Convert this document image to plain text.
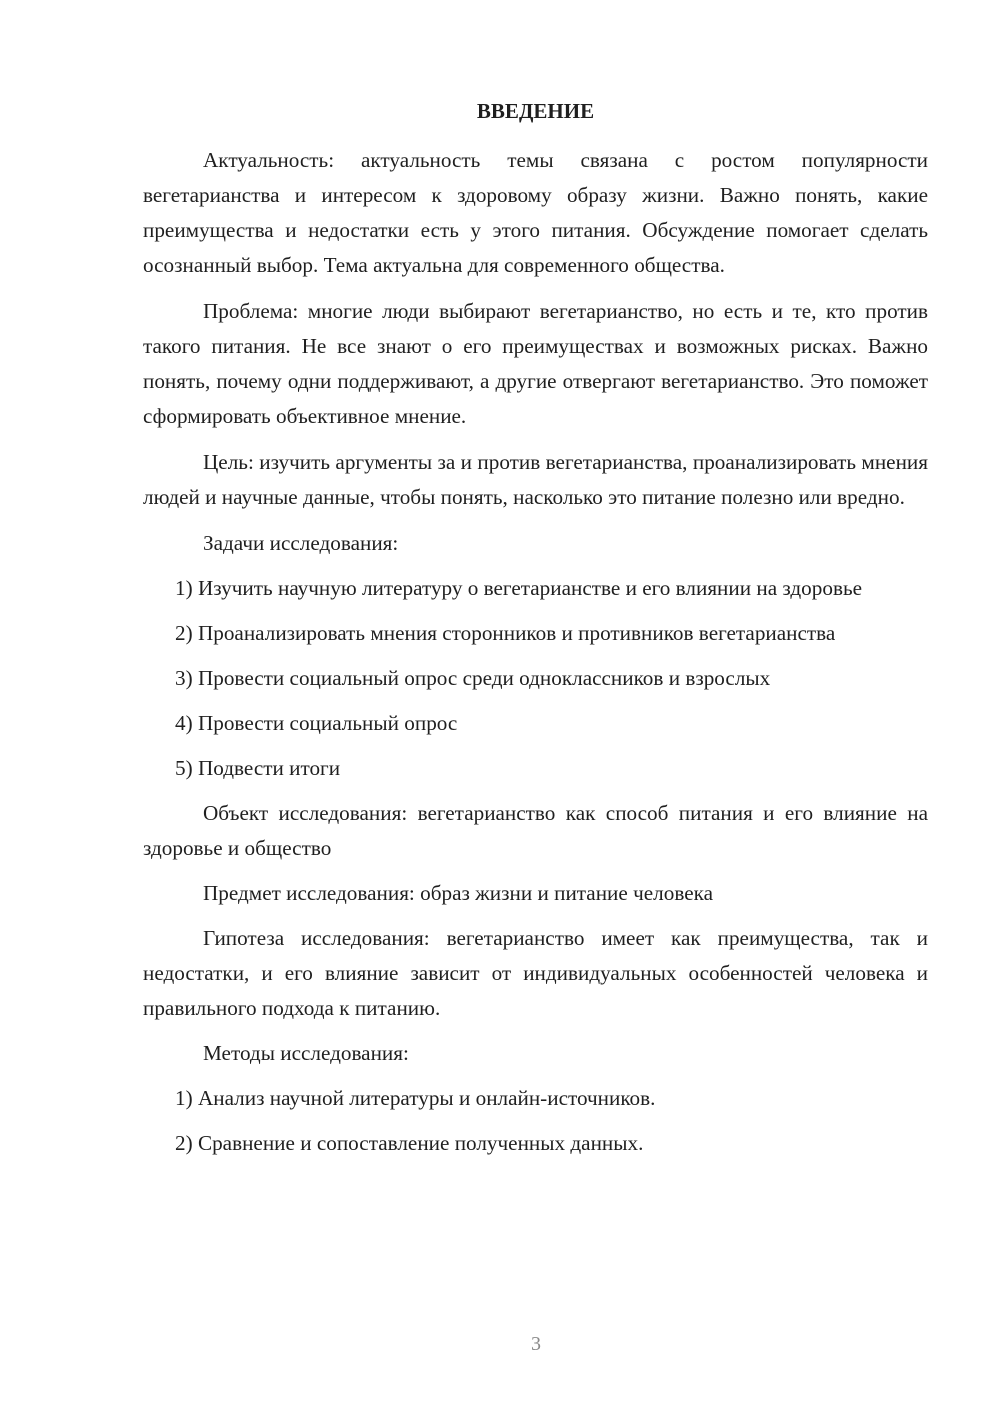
ВВЕДЕНИЕ

Актуальность: актуальность темы связана с ростом популярности вегетарианства и интересом к здоровому образу жизни. Важно понять, какие преимущества и недостатки есть у этого питания. Обсуждение помогает сделать осознанный выбор. Тема актуальна для современного общества.

Проблема: многие люди выбирают вегетарианство, но есть и те, кто против такого питания. Не все знают о его преимуществах и возможных рисках. Важно понять, почему одни поддерживают, а другие отвергают вегетарианство. Это поможет сформировать объективное мнение.

Цель: изучить аргументы за и против вегетарианства, проанализировать мнения людей и научные данные, чтобы понять, насколько это питание полезно или вредно.

Задачи исследования:

1) Изучить научную литературу о вегетарианстве и его влиянии на здоровье

2) Проанализировать мнения сторонников и противников вегетарианства

3) Провести социальный опрос среди одноклассников и взрослых

4) Провести социальный опрос

5) Подвести итоги

Объект исследования: вегетарианство как способ питания и его влияние на здоровье и общество

Предмет исследования: образ жизни и питание человека

Гипотеза исследования: вегетарианство имеет как преимущества, так и недостатки, и его влияние зависит от индивидуальных особенностей человека и правильного подхода к питанию.

Методы исследования:

1) Анализ научной литературы и онлайн-источников.

2) Сравнение и сопоставление полученных данных.

3
